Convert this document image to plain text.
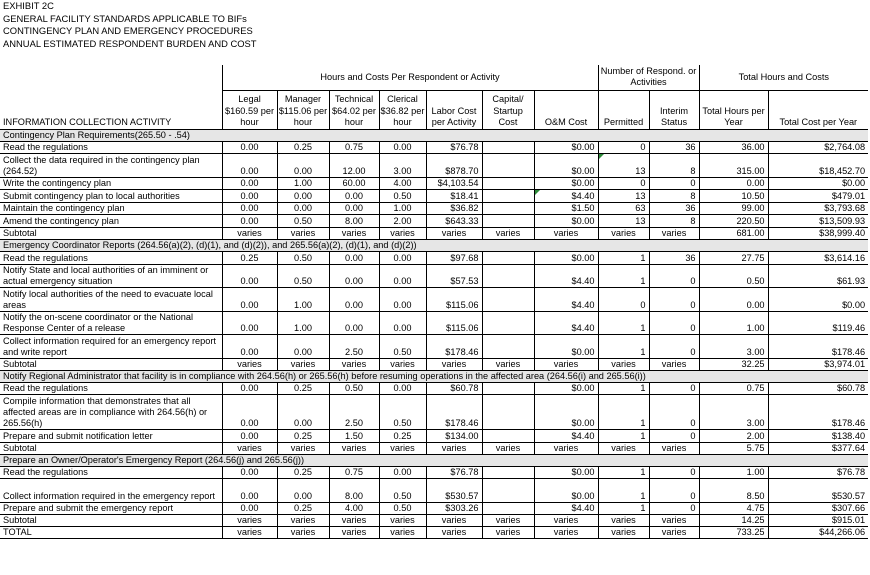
EXHIBIT 2C
GENERAL FACILITY STANDARDS APPLICABLE TO BIFs
CONTINGENCY PLAN AND EMERGENCY PROCEDURES
ANNUAL ESTIMATED RESPONDENT BURDEN AND COST
	Hours and Costs Per Respondent or Activity							Number of Respond. or Activities		Total Hours and Costs	
INFORMATION COLLECTION ACTIVITY	Legal $160.59 per hour	Manager $115.06 per hour	Technical $64.02 per hour	Clerical $36.82 per hour	Labor Cost per Activity	Capital/ Startup Cost	O&M Cost	Permitted	Interim Status	Total Hours per Year	Total Cost per Year
Contingency Plan Requirements(265.50 - .54)											
Read the regulations	0.00	0.25	0.75	0.00	$76.78		$0.00	0	36	36.00	$2,764.08
Collect the data required in the contingency plan (264.52)	0.00	0.00	12.00	3.00	$878.70		$0.00	13	8	315.00	$18,452.70
Write the contingency plan	0.00	1.00	60.00	4.00	$4,103.54		$0.00	0	0	0.00	$0.00
Submit contingency plan to local authorities	0.00	0.00	0.00	0.50	$18.41		$4.40	13	8	10.50	$479.01
Maintain the contingency plan	0.00	0.00	0.00	1.00	$36.82		$1.50	63	36	99.00	$3,793.68
Amend the contingency plan	0.00	0.50	8.00	2.00	$643.33		$0.00	13	8	220.50	$13,509.93
Subtotal	varies	varies	varies	varies	varies	varies	varies	varies	varies	681.00	$38,999.40
Emergency Coordinator Reports (264.56(a)(2), (d)(1), and (d)(2)), and 265.56(a)(2), (d)(1), and (d)(2))											
Read the regulations	0.25	0.50	0.00	0.00	$97.68		$0.00	1	36	27.75	$3,614.16
Notify State and local authorities of an imminent or actual emergency situation	0.00	0.50	0.00	0.00	$57.53		$4.40	1	0	0.50	$61.93
Notify local authorities of the need to evacuate local areas	0.00	1.00	0.00	0.00	$115.06		$4.40	0	0	0.00	$0.00
Notify the on-scene coordinator or the National Response Center of a release	0.00	1.00	0.00	0.00	$115.06		$4.40	1	0	1.00	$119.46
Collect information required for an emergency report and write report	0.00	0.00	2.50	0.50	$178.46		$0.00	1	0	3.00	$178.46
Subtotal	varies	varies	varies	varies	varies	varies	varies	varies	varies	32.25	$3,974.01
Notify Regional Administrator that facility is in compliance with 264.56(h) or 265.56(h) before resuming operations in the affected area (264.56(i) and 265.56(i))											
Read the regulations	0.00	0.25	0.50	0.00	$60.78		$0.00	1	0	0.75	$60.78
Compile information that demonstrates that all affected areas are in compliance with 264.56(h) or 265.56(h)	0.00	0.00	2.50	0.50	$178.46		$0.00	1	0	3.00	$178.46
Prepare and submit notification letter	0.00	0.25	1.50	0.25	$134.00		$4.40	1	0	2.00	$138.40
Subtotal	varies	varies	varies	varies	varies	varies	varies	varies	varies	5.75	$377.64
Prepare an Owner/Operator's Emergency Report (264.56(j) and 265.56(j))											
Read the regulations	0.00	0.25	0.75	0.00	$76.78		$0.00	1	0	1.00	$76.78
Collect information required in the emergency report	0.00	0.00	8.00	0.50	$530.57		$0.00	1	0	8.50	$530.57
Prepare and submit the emergency report	0.00	0.25	4.00	0.50	$303.26		$4.40	1	0	4.75	$307.66
Subtotal	varies	varies	varies	varies	varies	varies	varies	varies	varies	14.25	$915.01
TOTAL	varies	varies	varies	varies	varies	varies	varies	varies	varies	733.25	$44,266.06
